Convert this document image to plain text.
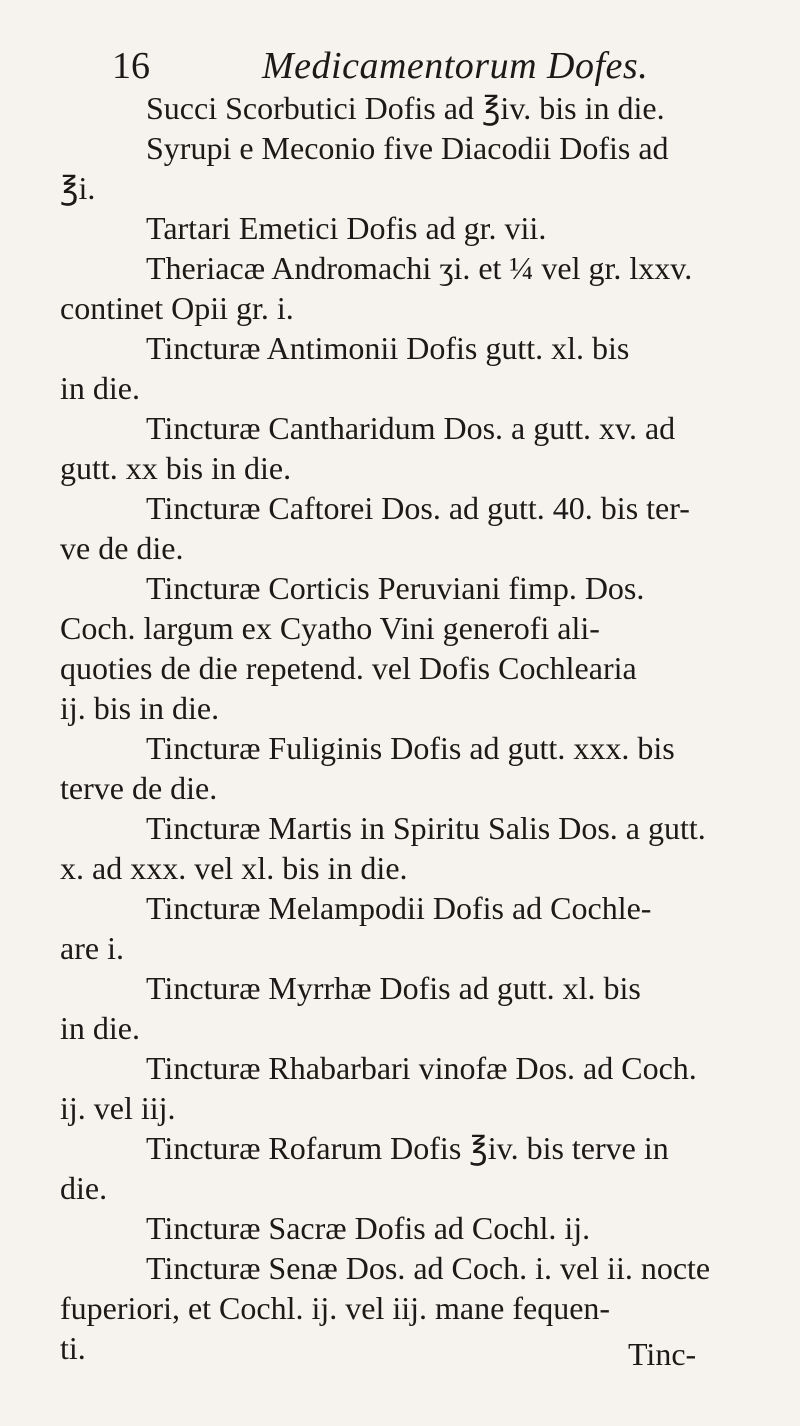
16	Medicamentorum Dofes.
Succi Scorbutici Dofis ad ℥iv. bis in die.
Syrupi e Meconio five Diacodii Dofis ad
℥i.
Tartari Emetici Dofis ad gr. vii.
Theriacæ Andromachi ʒi. et ¼ vel gr. lxxv.
continet Opii gr. i.
Tincturæ Antimonii Dofis gutt. xl. bis
in die.
Tincturæ Cantharidum Dos. a gutt. xv. ad
gutt. xx bis in die.
Tincturæ Caftorei Dos. ad gutt. 40. bis ter-
ve de die.
Tincturæ Corticis Peruviani fimp. Dos.
Coch. largum ex Cyatho Vini generofi ali-
quoties de die repetend. vel Dofis Cochlearia
ij. bis in die.
Tincturæ Fuliginis Dofis ad gutt. xxx. bis
terve de die.
Tincturæ Martis in Spiritu Salis Dos. a gutt.
x. ad xxx. vel xl. bis in die.
Tincturæ Melampodii Dofis ad Cochle-
are i.
Tincturæ Myrrhæ Dofis ad gutt. xl. bis
in die.
Tincturæ Rhabarbari vinofæ Dos. ad Coch.
ij. vel iij.
Tincturæ Rofarum Dofis ℥iv. bis terve in
die.
Tincturæ Sacræ Dofis ad Cochl. ij.
Tincturæ Senæ Dos. ad Coch. i. vel ii. nocte
fuperiori, et Cochl. ij. vel iij. mane fequen-
ti.	Tinc-
